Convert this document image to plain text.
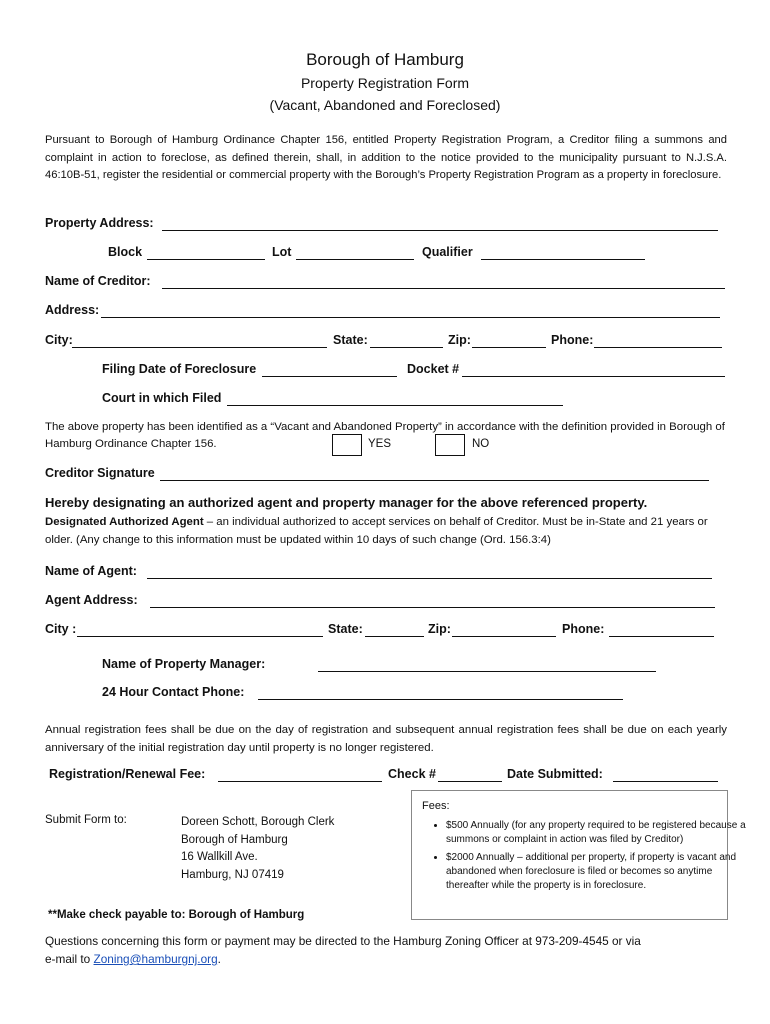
Borough of Hamburg
Property Registration Form
(Vacant, Abandoned and Foreclosed)
Pursuant to Borough of Hamburg Ordinance Chapter 156, entitled Property Registration Program, a Creditor filing a summons and complaint in action to foreclose, as defined therein, shall, in addition to the notice provided to the municipality pursuant to N.J.S.A. 46:10B-51, register the residential or commercial property with the Borough’s Property Registration Program as a property in foreclosure.
Property Address:
Block	Lot	Qualifier
Name of Creditor:
Address:
City:	State:	Zip:	Phone:
Filing Date of Foreclosure	Docket #
Court in which Filed
The above property has been identified as a “Vacant and Abandoned Property” in accordance with the definition provided in Borough of Hamburg Ordinance Chapter 156.	YES	NO
Creditor Signature
Hereby designating an authorized agent and property manager for the above referenced property.
Designated Authorized Agent – an individual authorized to accept services on behalf of Creditor. Must be in-State and 21 years or older. (Any change to this information must be updated within 10 days of such change (Ord. 156.3:4)
Name of Agent:
Agent Address:
City :	State:	Zip:	Phone:
Name of Property Manager:
24 Hour Contact Phone:
Annual registration fees shall be due on the day of registration and subsequent annual registration fees shall be due on each yearly anniversary of the initial registration day until property is no longer registered.
Registration/Renewal Fee:	Check #	Date Submitted:
Submit Form to:	Doreen Schott, Borough Clerk
Borough of Hamburg
16 Wallkill Ave.
Hamburg, NJ 07419
**Make check payable to: Borough of Hamburg
Fees:
• $500 Annually (for any property required to be registered because a summons or complaint in action was filed by Creditor)
• $2000 Annually – additional per property, if property is vacant and abandoned when foreclosure is filed or becomes so anytime thereafter while the property is in foreclosure.
Questions concerning this form or payment may be directed to the Hamburg Zoning Officer at 973-209-4545 or via
e-mail to Zoning@hamburgnj.org.
